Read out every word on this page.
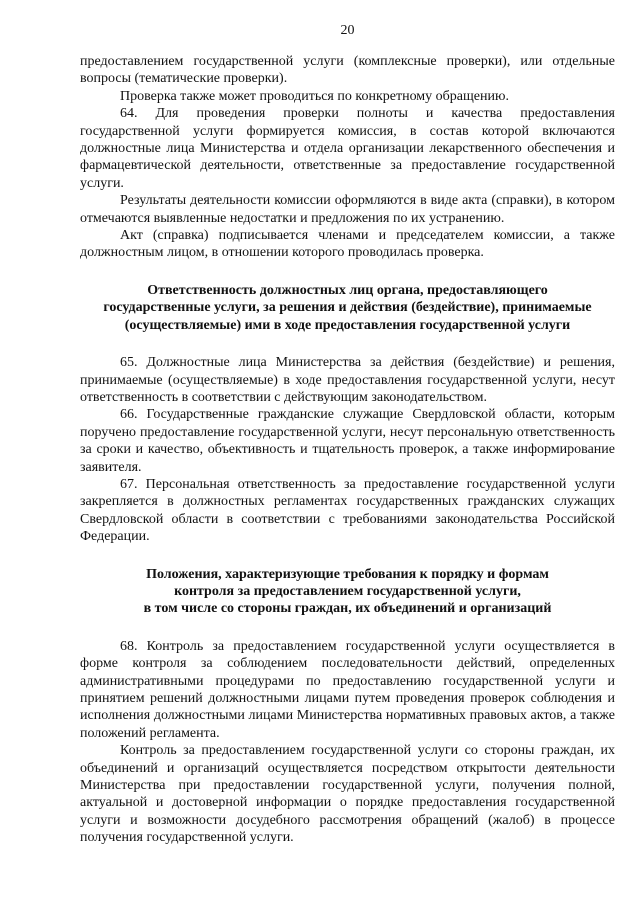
20

предоставлением государственной услуги (комплексные проверки), или отдельные вопросы (тематические проверки).

Проверка также может проводиться по конкретному обращению.

64. Для проведения проверки полноты и качества предоставления государственной услуги формируется комиссия, в состав которой включаются должностные лица Министерства и отдела организации лекарственного обеспечения и фармацевтической деятельности, ответственные за предоставление государственной услуги.

Результаты деятельности комиссии оформляются в виде акта (справки), в котором отмечаются выявленные недостатки и предложения по их устранению.

Акт (справка) подписывается членами и председателем комиссии, а также должностным лицом, в отношении которого проводилась проверка.

Ответственность должностных лиц органа, предоставляющего
государственные услуги, за решения и действия (бездействие), принимаемые
(осуществляемые) ими в ходе предоставления государственной услуги

65. Должностные лица Министерства за действия (бездействие) и решения, принимаемые (осуществляемые) в ходе предоставления государственной услуги, несут ответственность в соответствии с действующим законодательством.

66. Государственные гражданские служащие Свердловской области, которым поручено предоставление государственной услуги, несут персональную ответственность за сроки и качество, объективность и тщательность проверок, а также информирование заявителя.

67. Персональная ответственность за предоставление государственной услуги закрепляется в должностных регламентах государственных гражданских служащих Свердловской области в соответствии с требованиями законодательства Российской Федерации.

Положения, характеризующие требования к порядку и формам
контроля за предоставлением государственной услуги,
в том числе со стороны граждан, их объединений и организаций

68. Контроль за предоставлением государственной услуги осуществляется в форме контроля за соблюдением последовательности действий, определенных административными процедурами по предоставлению государственной услуги и принятием решений должностными лицами путем проведения проверок соблюдения и исполнения должностными лицами Министерства нормативных правовых актов, а также положений регламента.

Контроль за предоставлением государственной услуги со стороны граждан, их объединений и организаций осуществляется посредством открытости деятельности Министерства при предоставлении государственной услуги, получения полной, актуальной и достоверной информации о порядке предоставления государственной услуги и возможности досудебного рассмотрения обращений (жалоб) в процессе получения государственной услуги.
